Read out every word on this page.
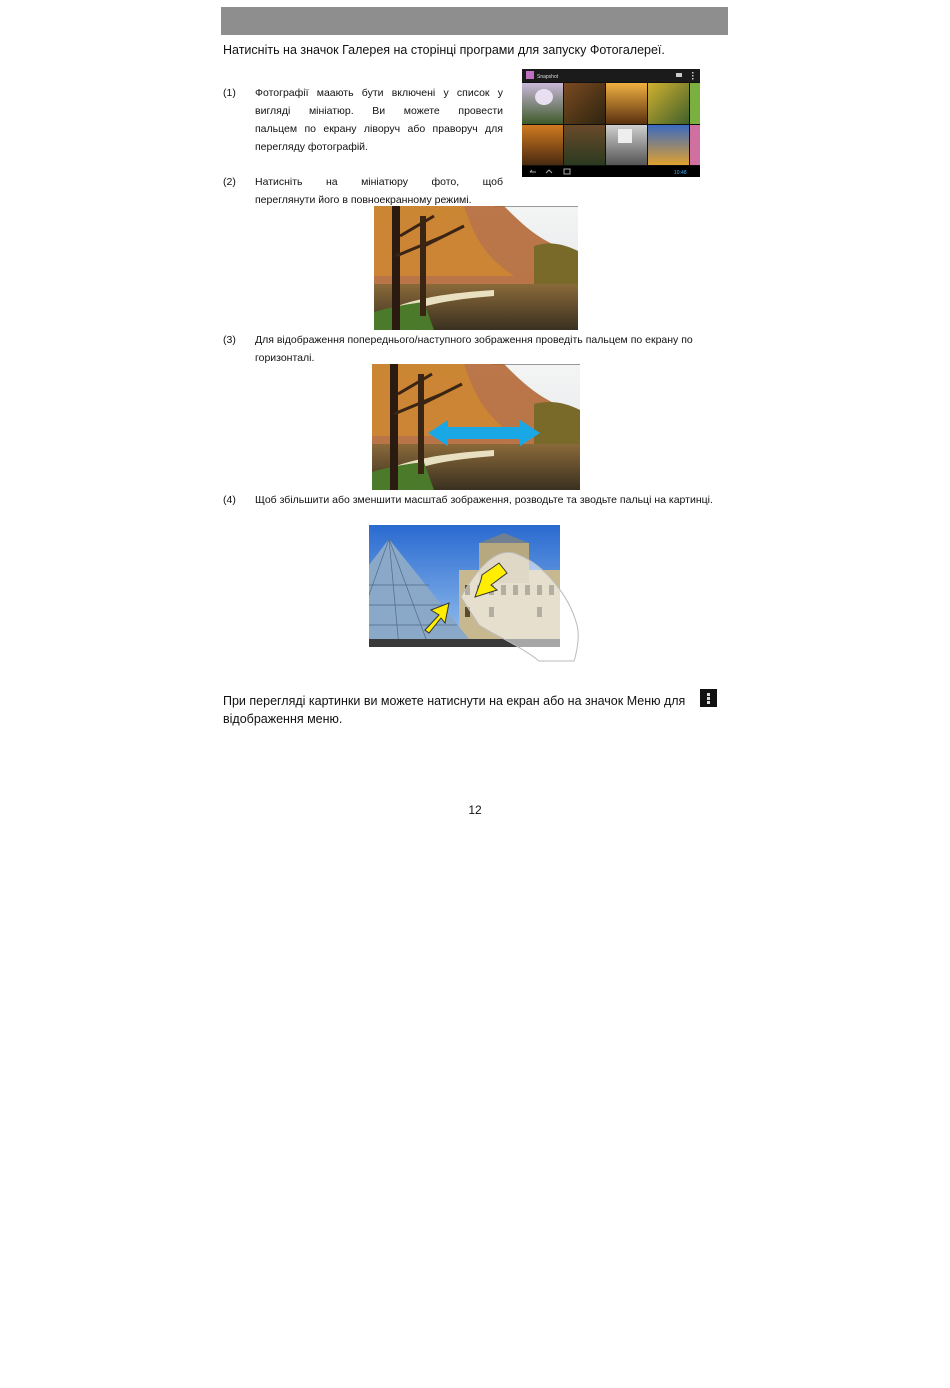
Натисніть на значок Галерея на сторінці програми для запуску Фотогалереї.
(1) Фотографії маають бути включені у список у
вигляді мініатюр. Ви можете провести
пальцем по екрану ліворуч або праворуч для
перегляду фотографій.
Snapshot
10:48
(2) Натисніть на мініатюру фото, щоб
переглянути його в повноекранному режимі.
(3) Для відображення попереднього/наступного зображення проведіть пальцем по екрану по горизонталі.
(4) Щоб збільшити або зменшити масштаб зображення, розводьте та зводьте пальці на картинці.
При перегляді картинки ви можете натиснути на екран або на значок Меню для відображення меню.
12
